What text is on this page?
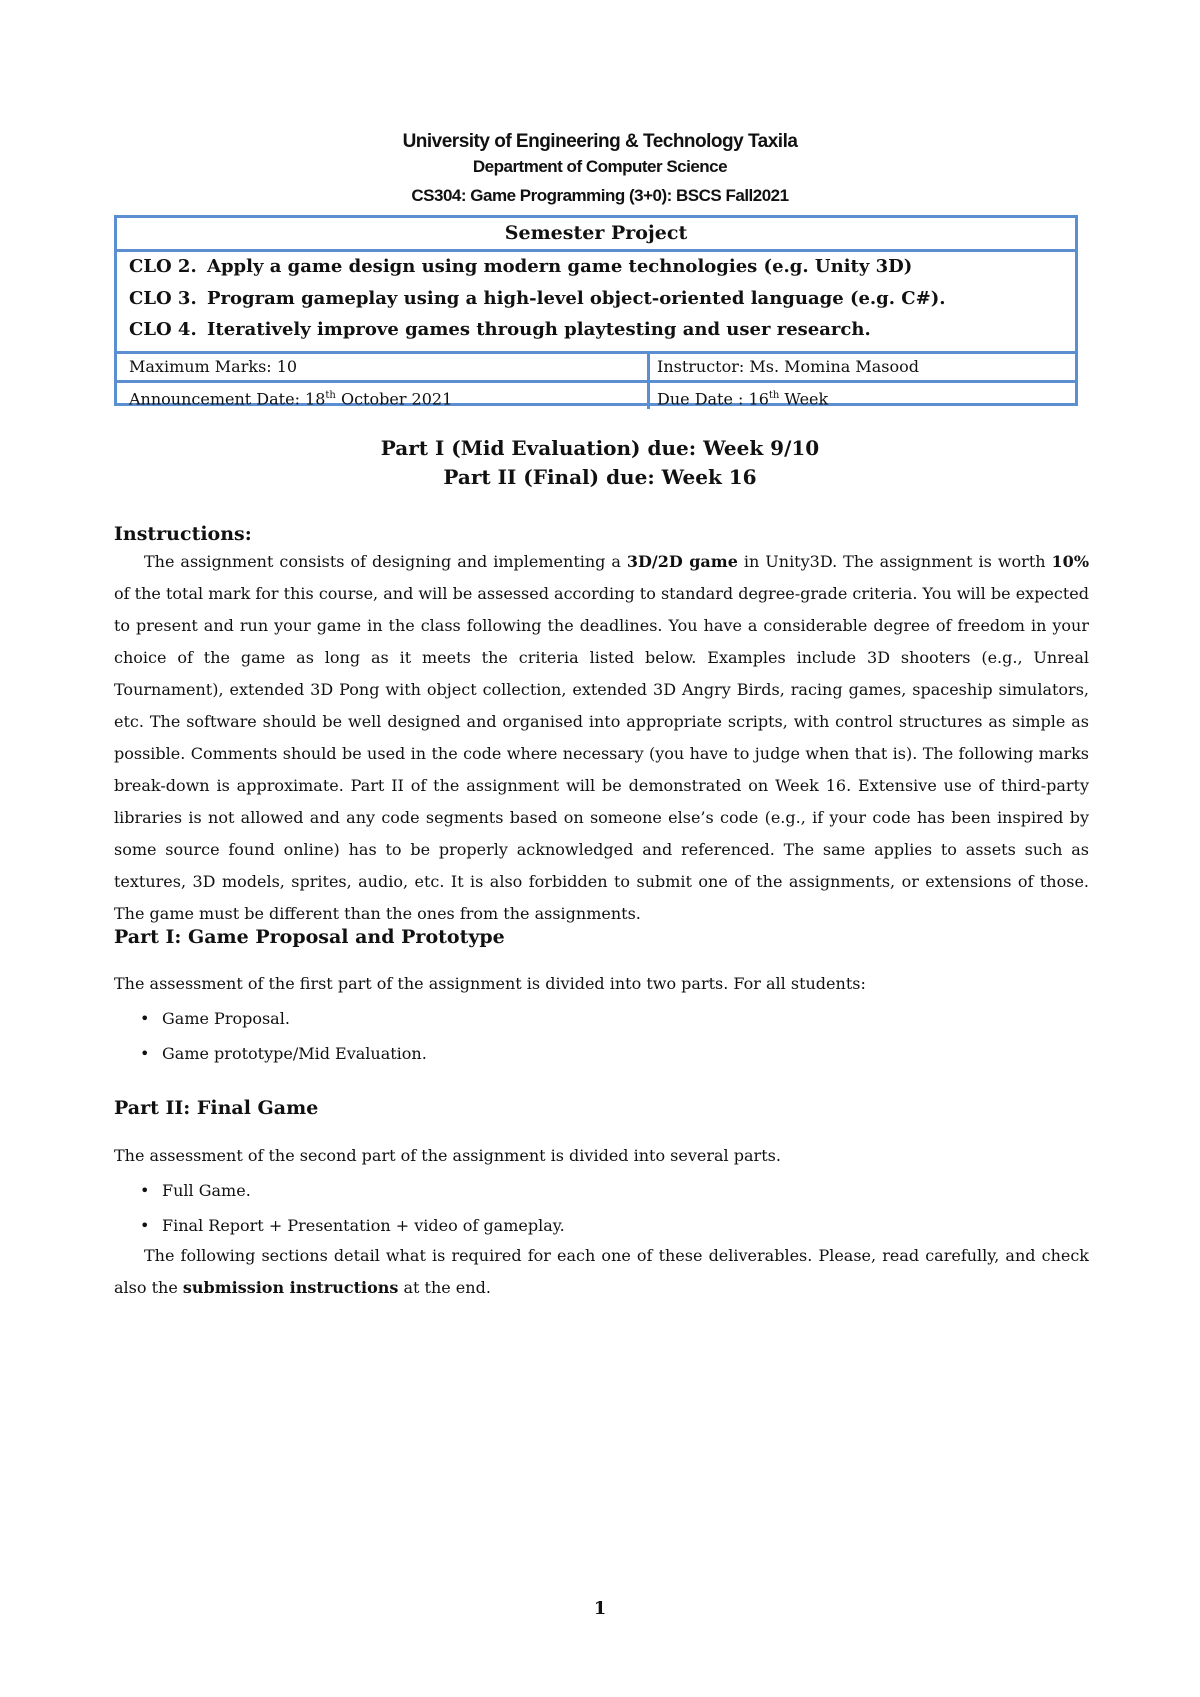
University of Engineering & Technology Taxila
Department of Computer Science
CS304: Game Programming (3+0): BSCS Fall2021
Semester Project
CLO 2. Apply a game design using modern game technologies (e.g. Unity 3D)
CLO 3. Program gameplay using a high-level object-oriented language (e.g. C#).
CLO 4. Iteratively improve games through playtesting and user research.
Maximum Marks: 10	Instructor: Ms. Momina Masood
Announcement Date: 18th October 2021	Due Date : 16th Week
Part I (Mid Evaluation) due: Week 9/10
Part II (Final) due: Week 16
Instructions:
The assignment consists of designing and implementing a 3D/2D game in Unity3D. The assignment is worth 10% of the total mark for this course, and will be assessed according to standard degree-grade criteria. You will be expected to present and run your game in the class following the deadlines. You have a considerable degree of freedom in your choice of the game as long as it meets the criteria listed below. Examples include 3D shooters (e.g., Unreal Tournament), extended 3D Pong with object collection, extended 3D Angry Birds, racing games, spaceship simulators, etc. The software should be well designed and organised into appropriate scripts, with control structures as simple as possible. Comments should be used in the code where necessary (you have to judge when that is). The following marks break-down is approximate. Part II of the assignment will be demonstrated on Week 16. Extensive use of third-party libraries is not allowed and any code segments based on someone else’s code (e.g., if your code has been inspired by some source found online) has to be properly acknowledged and referenced. The same applies to assets such as textures, 3D models, sprites, audio, etc. It is also forbidden to submit one of the assignments, or extensions of those. The game must be different than the ones from the assignments.
Part I: Game Proposal and Prototype
The assessment of the first part of the assignment is divided into two parts. For all students:
Game Proposal.
Game prototype/Mid Evaluation.
Part II: Final Game
The assessment of the second part of the assignment is divided into several parts.
Full Game.
Final Report + Presentation + video of gameplay.
The following sections detail what is required for each one of these deliverables. Please, read carefully, and check also the submission instructions at the end.
1
